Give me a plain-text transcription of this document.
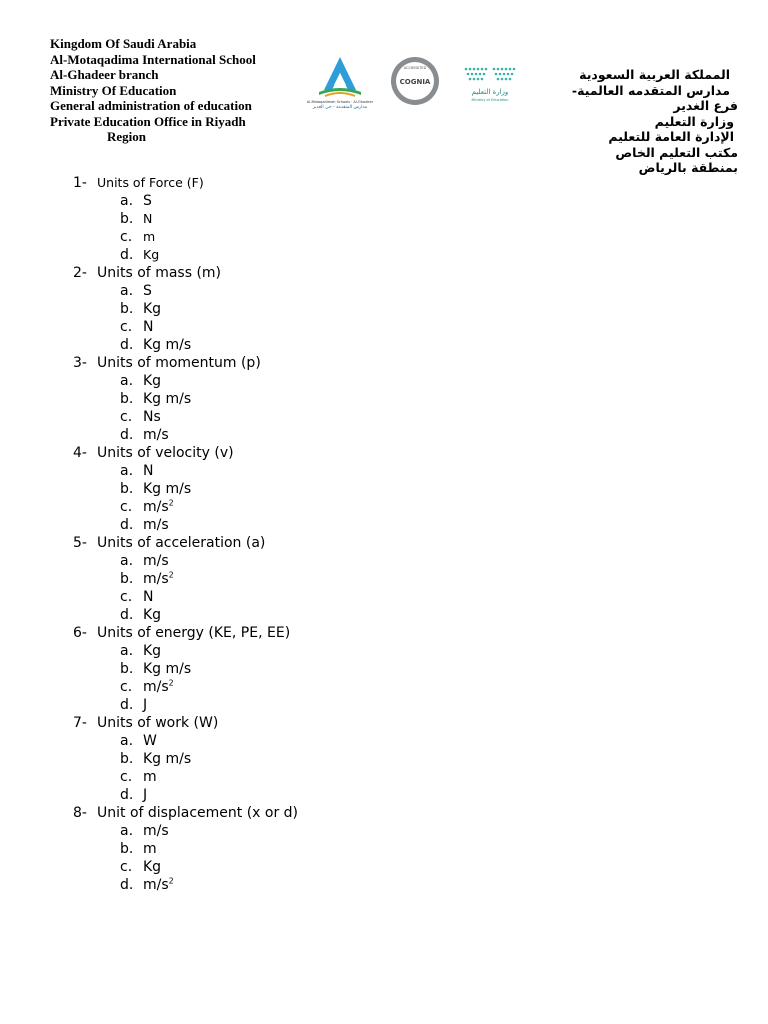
Kingdom Of Saudi Arabia
Al-Motaqadima International School
Al-Ghadeer branch
Ministry Of Education
General administration of education
Private Education Office in Riyadh
Region
Al-Motaqadimah Schools · Al-Ghadeer
مدارس المتقدمة - حي الغدير
ACCREDITED
COGNIA
وزارة التعليم
Ministry of Education
المملكة العربية السعودية
مدارس المتقدمه العالمية-
فرع الغدير
وزارة التعليم
الإدارة العامة للتعليم
مكتب التعليم الخاص
بمنطقة بالرياض
1- Units of Force (F)
a. S
b. N
c. m
d. Kg
2- Units of mass (m)
a. S
b. Kg
c. N
d. Kg m/s
3- Units of momentum (p)
a. Kg
b. Kg m/s
c. Ns
d. m/s
4- Units of velocity (v)
a. N
b. Kg m/s
c. $m/s^2$
d. m/s
5- Units of acceleration (a)
a. m/s
b. $m/s^2$
c. N
d. Kg
6- Units of energy (KE, PE, EE)
a. Kg
b. Kg m/s
c. $m/s^2$
d. J
7- Units of work (W)
a. W
b. Kg m/s
c. m
d. J
8- Unit of displacement (x or d)
a. m/s
b. m
c. Kg
d. $m/s^2$
